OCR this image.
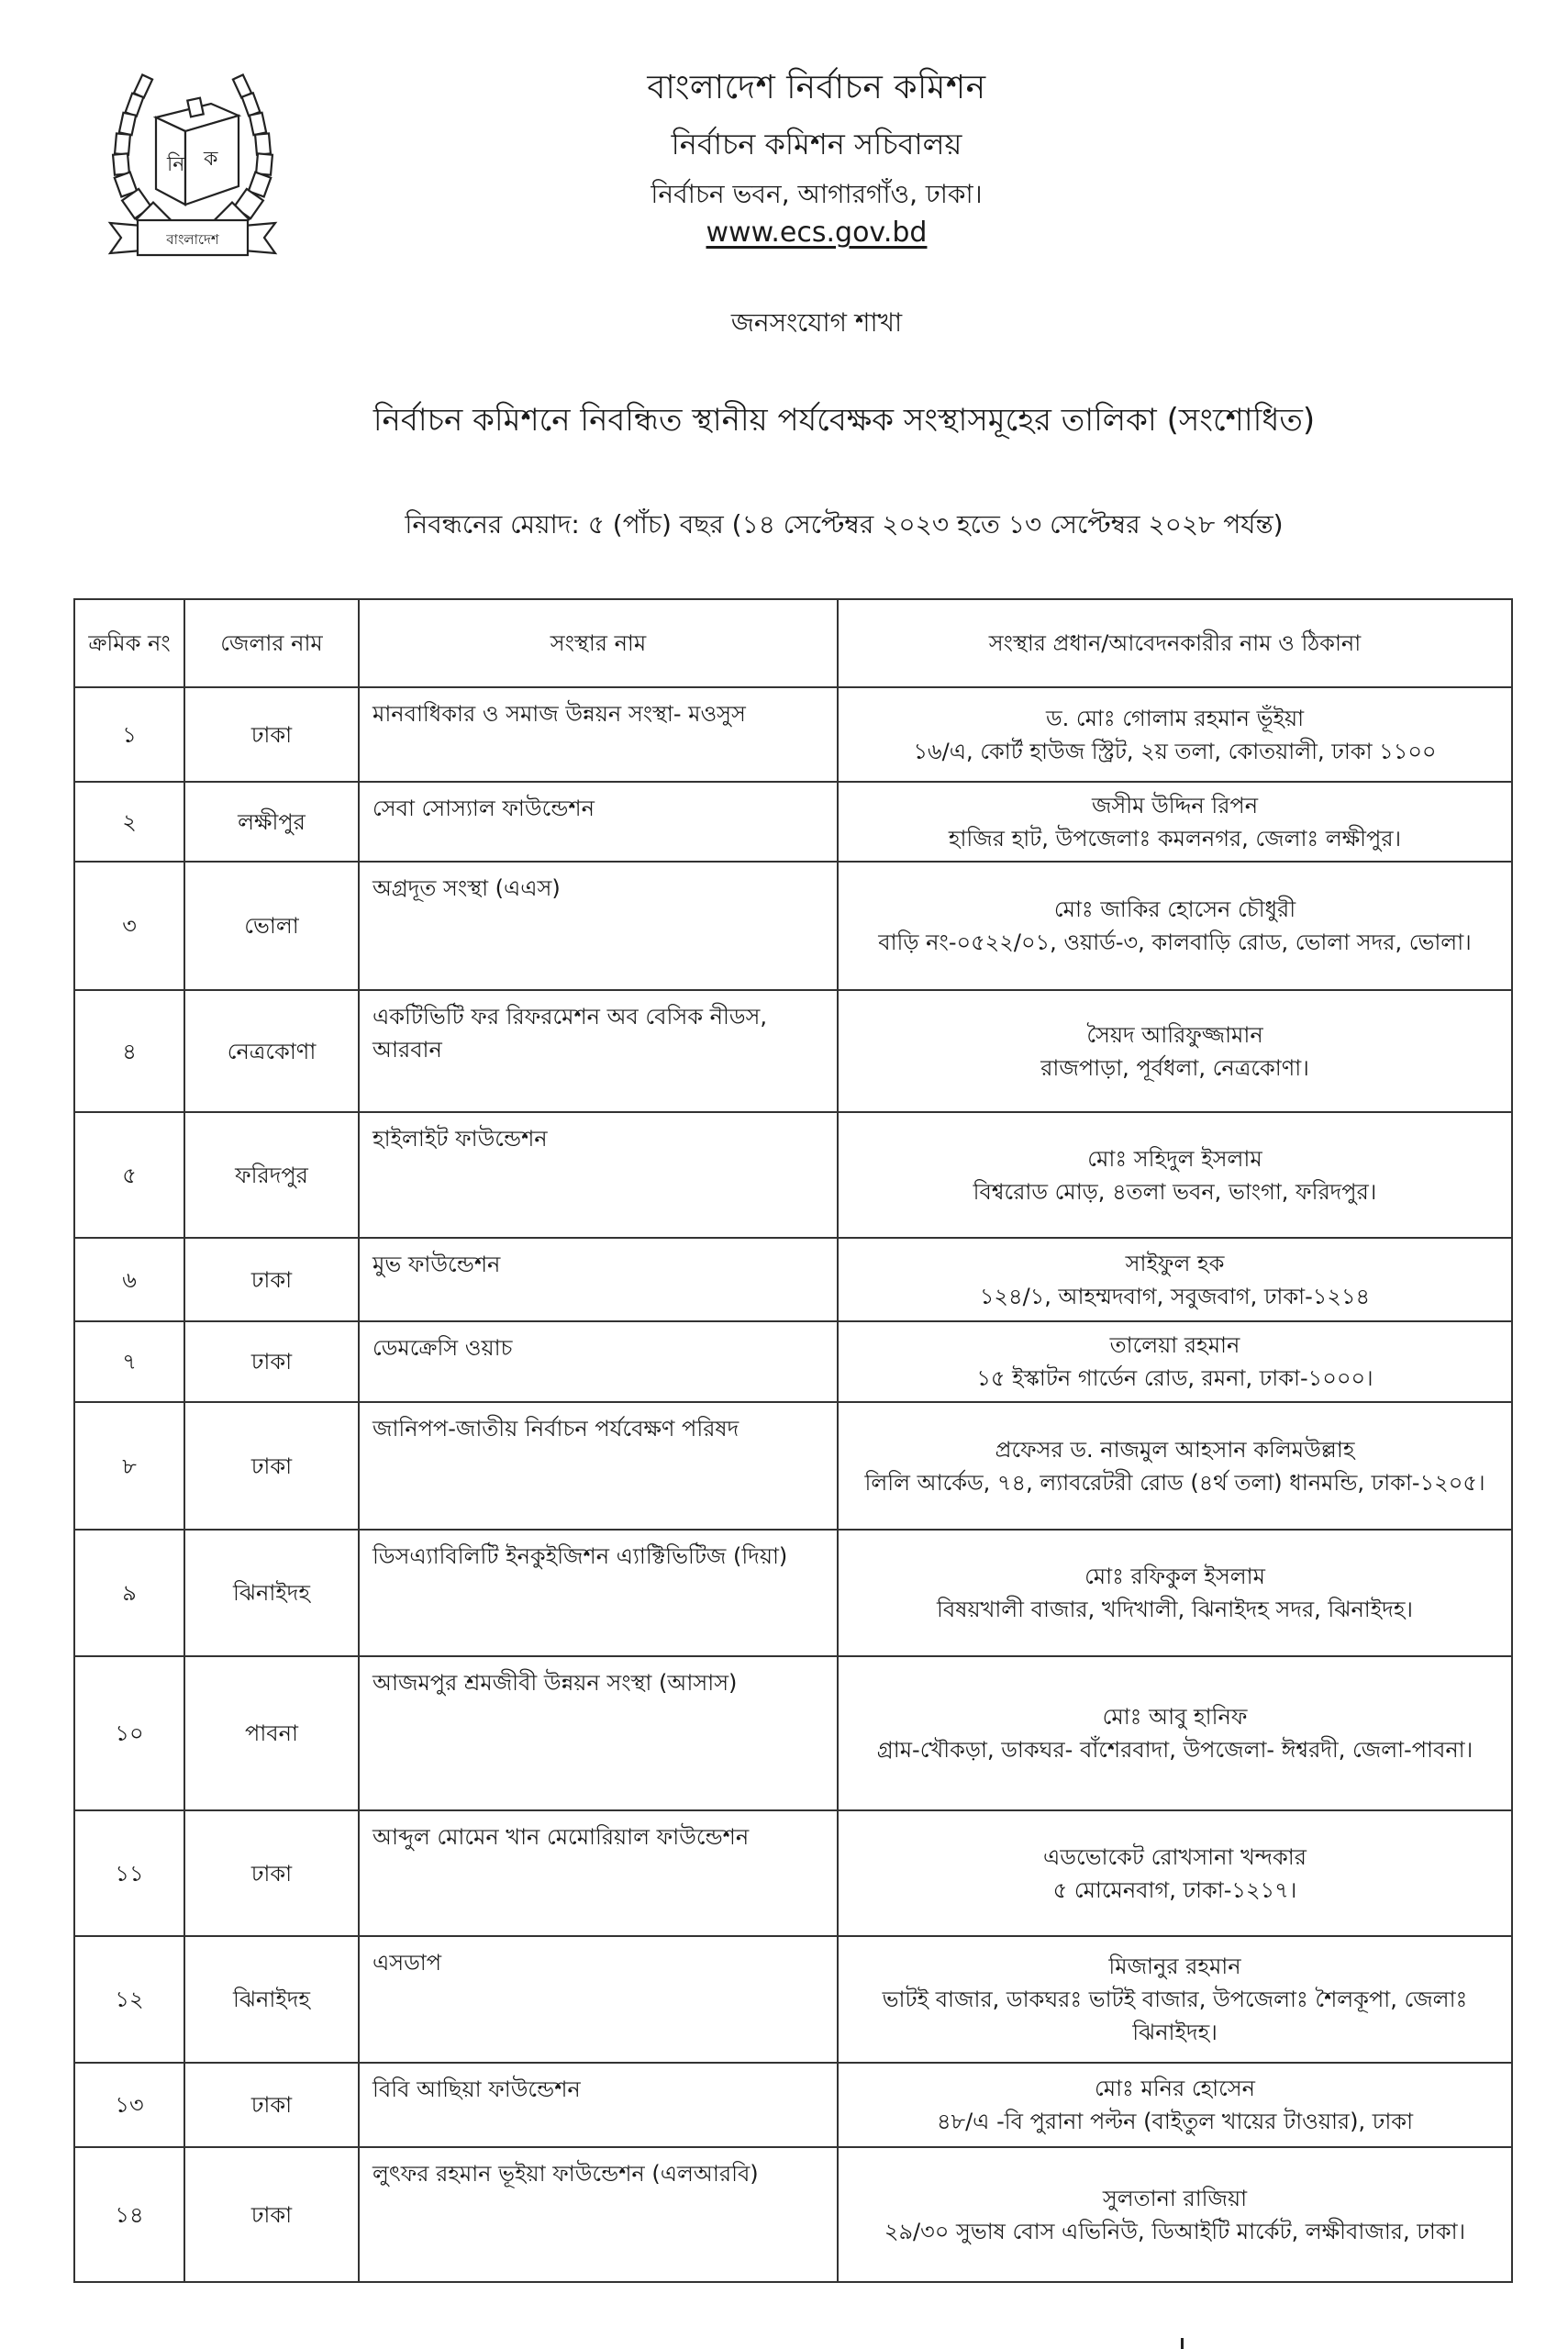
নি ক
বাংলাদেশ
বাংলাদেশ নির্বাচন কমিশন
নির্বাচন কমিশন সচিবালয়
নির্বাচন ভবন, আগারগাঁও, ঢাকা।
www.ecs.gov.bd
জনসংযোগ শাখা
নির্বাচন কমিশনে নিবন্ধিত স্থানীয় পর্যবেক্ষক সংস্থাসমূহের তালিকা (সংশোধিত)
নিবন্ধনের মেয়াদ: ৫ (পাঁচ) বছর (১৪ সেপ্টেম্বর ২০২৩ হতে ১৩ সেপ্টেম্বর ২০২৮ পর্যন্ত)
ক্রমিক নং	জেলার নাম	সংস্থার নাম	সংস্থার প্রধান/আবেদনকারীর নাম ও ঠিকানা
১	ঢাকা	মানবাধিকার ও সমাজ উন্নয়ন সংস্থা- মওসুস	ড. মোঃ গোলাম রহমান ভূঁইয়া
১৬/এ, কোর্ট হাউজ স্ট্রিট, ২য় তলা, কোতয়ালী, ঢাকা ১১০০

২	লক্ষীপুর	সেবা সোস্যাল ফাউন্ডেশন	জসীম উদ্দিন রিপন
হাজির হাট, উপজেলাঃ কমলনগর, জেলাঃ লক্ষীপুর।

৩	ভোলা	অগ্রদূত সংস্থা (এএস)	মোঃ জাকির হোসেন চৌধুরী
বাড়ি নং-০৫২২/০১, ওয়ার্ড-৩, কালবাড়ি রোড, ভোলা সদর, ভোলা।

৪	নেত্রকোণা	একটিভিটি ফর রিফরমেশন অব বেসিক নীডস, আরবান	সৈয়দ আরিফুজ্জামান
রাজপাড়া, পূর্বধলা, নেত্রকোণা।

৫	ফরিদপুর	হাইলাইট ফাউন্ডেশন	মোঃ সহিদুল ইসলাম
বিশ্বরোড মোড়, ৪তলা ভবন, ভাংগা, ফরিদপুর।

৬	ঢাকা	মুভ ফাউন্ডেশন	সাইফুল হক
১২৪/১, আহম্মদবাগ, সবুজবাগ, ঢাকা-১২১৪

৭	ঢাকা	ডেমক্রেসি ওয়াচ	তালেয়া রহমান
১৫ ইস্কাটন গার্ডেন রোড, রমনা, ঢাকা-১০০০।

৮	ঢাকা	জানিপপ-জাতীয় নির্বাচন পর্যবেক্ষণ পরিষদ	প্রফেসর ড. নাজমুল আহসান কলিমউল্লাহ
লিলি আর্কেড, ৭৪, ল্যাবরেটরী রোড (৪র্থ তলা) ধানমন্ডি, ঢাকা-১২০৫।

৯	ঝিনাইদহ	ডিসএ্যাবিলিটি ইনকুইজিশন এ্যাক্টিভিটিজ (দিয়া)	মোঃ রফিকুল ইসলাম
বিষয়খালী বাজার, খদিখালী, ঝিনাইদহ সদর, ঝিনাইদহ।

১০	পাবনা	আজমপুর শ্রমজীবী উন্নয়ন সংস্থা (আসাস)	মোঃ আবু হানিফ
গ্রাম-খৌকড়া, ডাকঘর- বাঁশেরবাদা, উপজেলা- ঈশ্বরদী, জেলা-পাবনা।

১১	ঢাকা	আব্দুল মোমেন খান মেমোরিয়াল ফাউন্ডেশন	এডভোকেট রোখসানা খন্দকার
৫ মোমেনবাগ, ঢাকা-১২১৭।

১২	ঝিনাইদহ	এসডাপ	মিজানুর রহমান
ভাটই বাজার, ডাকঘরঃ ভাটই বাজার, উপজেলাঃ শৈলকূপা, জেলাঃ ঝিনাইদহ।

১৩	ঢাকা	বিবি আছিয়া ফাউন্ডেশন	মোঃ মনির হোসেন
৪৮/এ -বি পুরানা পল্টন (বাইতুল খায়ের টাওয়ার), ঢাকা

১৪	ঢাকা	লুৎফর রহমান ভূইয়া ফাউন্ডেশন (এলআরবি)	সুলতানা রাজিয়া
২৯/৩০ সুভাষ বোস এভিনিউ, ডিআইটি মার্কেট, লক্ষীবাজার, ঢাকা।
